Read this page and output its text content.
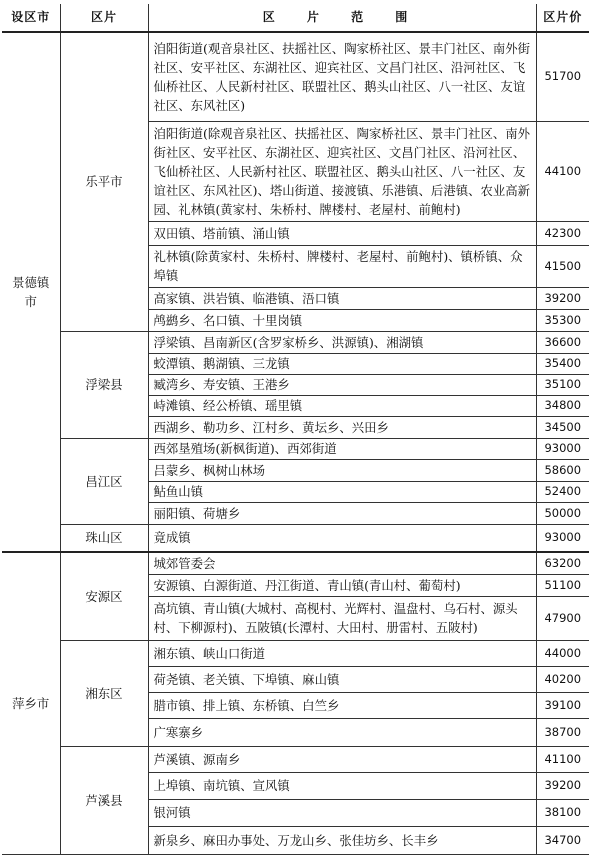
设区市	区片	区 片 范 围	区片价
景德镇市	乐平市	洎阳街道(观音泉社区、扶摇社区、陶家桥社区、景丰门社区、南外街社区、安平社区、东湖社区、迎宾社区、文昌门社区、沿河社区、飞仙桥社区、人民新村社区、联盟社区、鹅头山社区、八一社区、友谊社区、东风社区)	51700
		洎阳街道(除观音泉社区、扶摇社区、陶家桥社区、景丰门社区、南外街社区、安平社区、东湖社区、迎宾社区、文昌门社区、沿河社区、飞仙桥社区、人民新村社区、联盟社区、鹅头山社区、八一社区、友谊社区、东风社区)、塔山街道、接渡镇、乐港镇、后港镇、农业高新园、礼林镇(黄家村、朱桥村、牌楼村、老屋村、前鲍村)	44100
		双田镇、塔前镇、涌山镇	42300
		礼林镇(除黄家村、朱桥村、牌楼村、老屋村、前鲍村)、镇桥镇、众埠镇	41500
		高家镇、洪岩镇、临港镇、浯口镇	39200
		鸬鹚乡、名口镇、十里岗镇	35300
	浮梁县	浮梁镇、昌南新区(含罗家桥乡、洪源镇)、湘湖镇	36600
		蛟潭镇、鹅湖镇、三龙镇	35400
		臧湾乡、寿安镇、王港乡	35100
		峙滩镇、经公桥镇、瑶里镇	34800
		西湖乡、勒功乡、江村乡、黄坛乡、兴田乡	34500
	昌江区	西郊垦殖场(新枫街道)、西郊街道	93000
		吕蒙乡、枫树山林场	58600
		鲇鱼山镇	52400
		丽阳镇、荷塘乡	50000
	珠山区	竟成镇	93000
萍乡市	安源区	城郊管委会	63200
		安源镇、白源街道、丹江街道、青山镇(青山村、葡萄村)	51100
		高坑镇、青山镇(大城村、高枧村、光辉村、温盘村、乌石村、源头村、下柳源村)、五陂镇(长潭村、大田村、册雷村、五陂村)	47900
	湘东区	湘东镇、峡山口街道	44000
		荷尧镇、老关镇、下埠镇、麻山镇	40200
		腊市镇、排上镇、东桥镇、白竺乡	39100
		广寒寨乡	38700
	芦溪县	芦溪镇、源南乡	41100
		上埠镇、南坑镇、宣风镇	39200
		银河镇	38100
		新泉乡、麻田办事处、万龙山乡、张佳坊乡、长丰乡	34700
